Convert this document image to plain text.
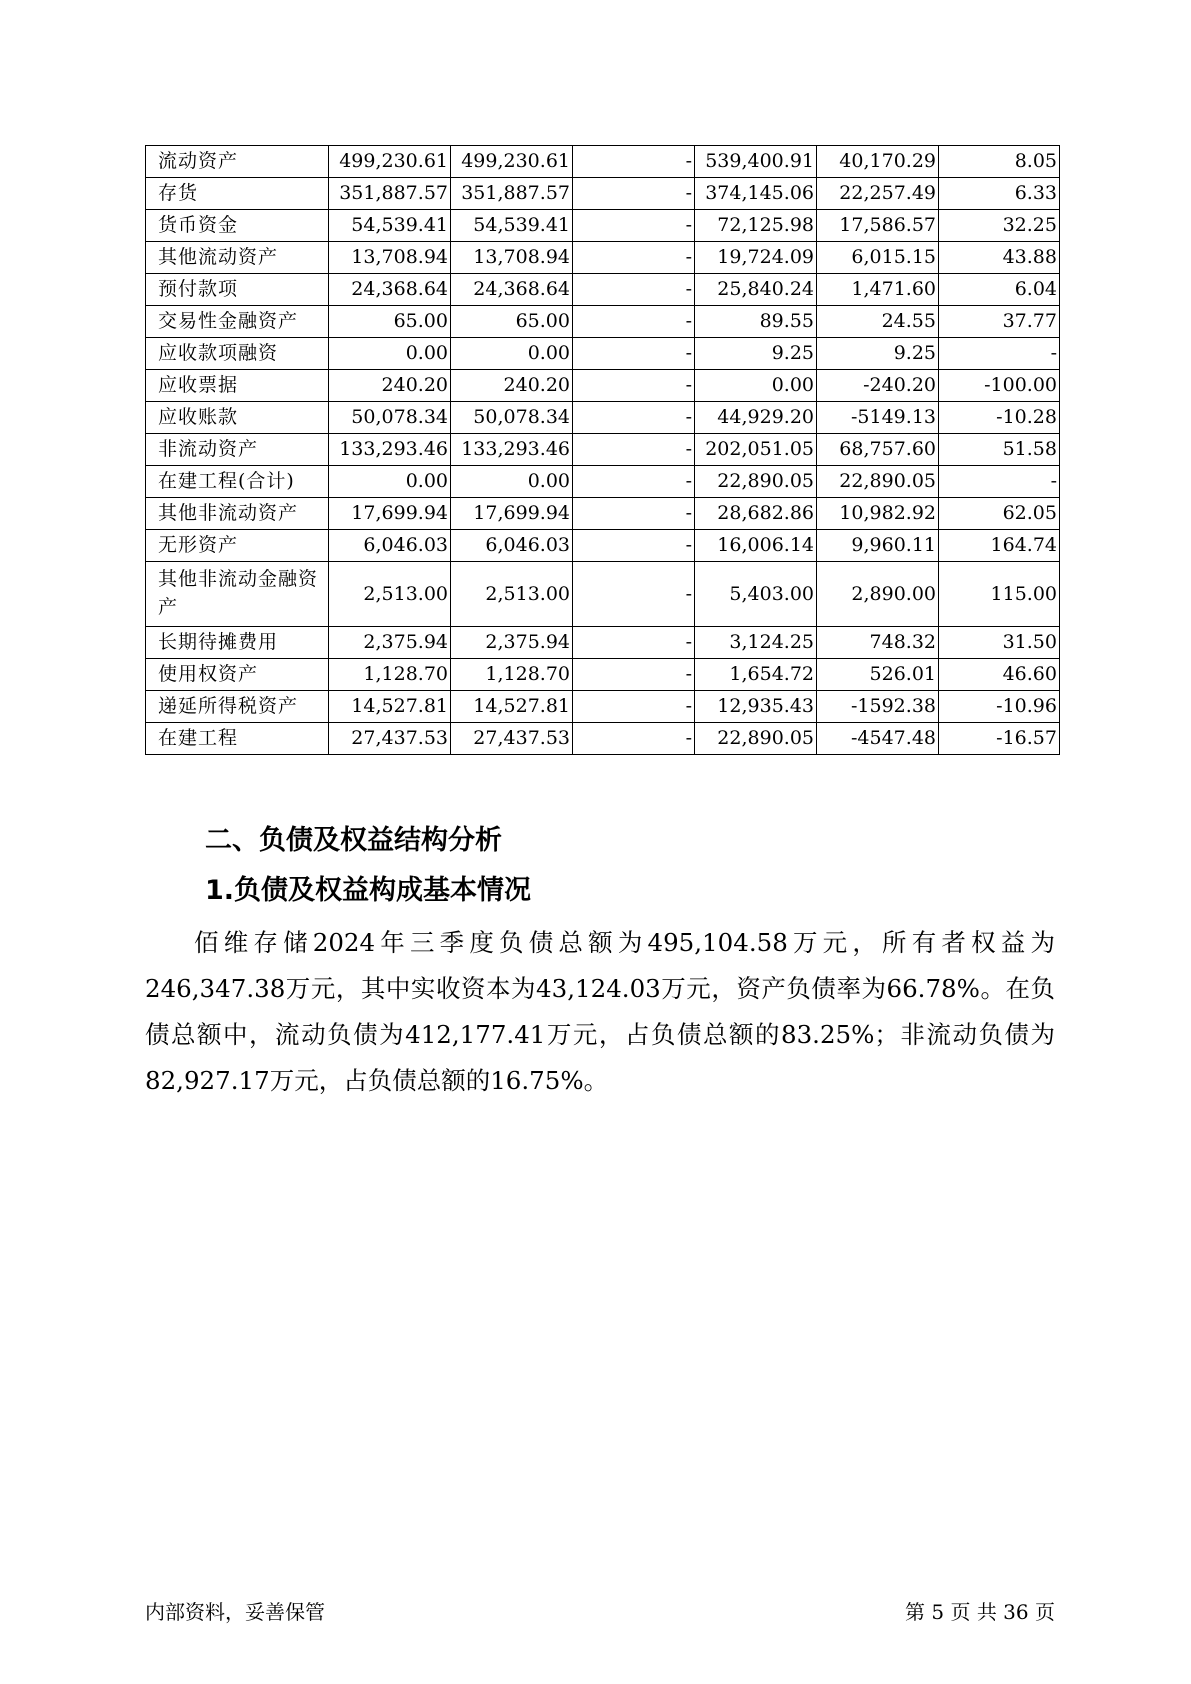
流动资产	499,230.61	499,230.61	-	539,400.91	40,170.29	8.05
存货	351,887.57	351,887.57	-	374,145.06	22,257.49	6.33
货币资金	54,539.41	54,539.41	-	72,125.98	17,586.57	32.25
其他流动资产	13,708.94	13,708.94	-	19,724.09	6,015.15	43.88
预付款项	24,368.64	24,368.64	-	25,840.24	1,471.60	6.04
交易性金融资产	65.00	65.00	-	89.55	24.55	37.77
应收款项融资	0.00	0.00	-	9.25	9.25	-
应收票据	240.20	240.20	-	0.00	-240.20	-100.00
应收账款	50,078.34	50,078.34	-	44,929.20	-5149.13	-10.28
非流动资产	133,293.46	133,293.46	-	202,051.05	68,757.60	51.58
在建工程(合计)	0.00	0.00	-	22,890.05	22,890.05	-
其他非流动资产	17,699.94	17,699.94	-	28,682.86	10,982.92	62.05
无形资产	6,046.03	6,046.03	-	16,006.14	9,960.11	164.74
其他非流动金融资产	2,513.00	2,513.00	-	5,403.00	2,890.00	115.00
长期待摊费用	2,375.94	2,375.94	-	3,124.25	748.32	31.50
使用权资产	1,128.70	1,128.70	-	1,654.72	526.01	46.60
递延所得税资产	14,527.81	14,527.81	-	12,935.43	-1592.38	-10.96
在建工程	27,437.53	27,437.53	-	22,890.05	-4547.48	-16.57
二、负债及权益结构分析
1.负债及权益构成基本情况

佰维存储2024年三季度负债总额为495,104.58万元，所有者权益为246,347.38万元，其中实收资本为43,124.03万元，资产负债率为66.78%。在负债总额中，流动负债为412,177.41万元，占负债总额的83.25%；非流动负债为82,927.17万元，占负债总额的16.75%。

内部资料，妥善保管	第 5 页 共 36 页
